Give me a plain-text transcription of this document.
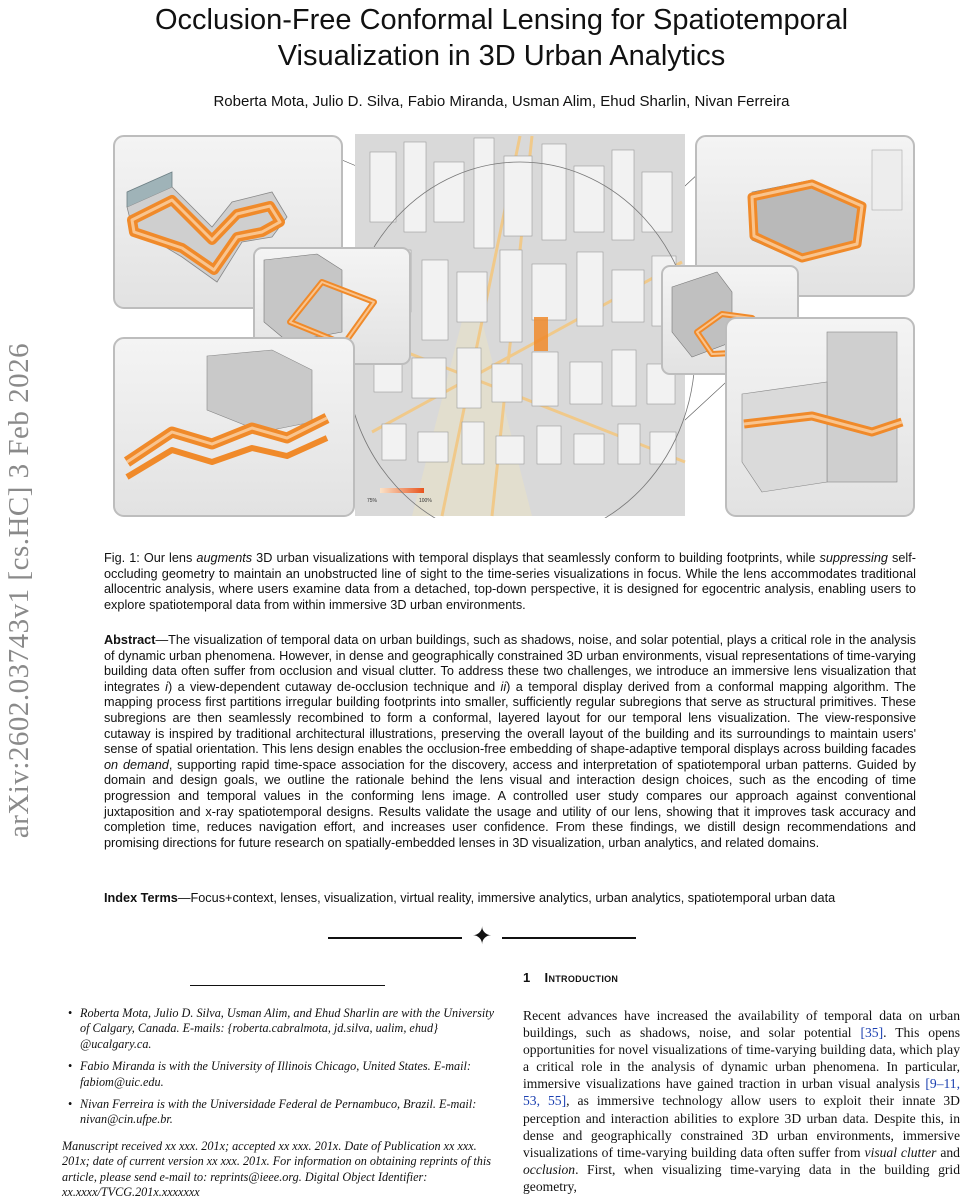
arXiv:2602.03743v1 [cs.HC] 3 Feb 2026
Occlusion-Free Conformal Lensing for Spatiotemporal
Visualization in 3D Urban Analytics
Roberta Mota, Julio D. Silva, Fabio Miranda, Usman Alim, Ehud Sharlin, Nivan Ferreira
75%	100%
Fig. 1: Our lens augments 3D urban visualizations with temporal displays that seamlessly conform to building footprints, while suppressing self-occluding geometry to maintain an unobstructed line of sight to the time-series visualizations in focus. While the lens accommodates traditional allocentric analysis, where users examine data from a detached, top-down perspective, it is designed for egocentric analysis, enabling users to explore spatiotemporal data from within immersive 3D urban environments.
Abstract—The visualization of temporal data on urban buildings, such as shadows, noise, and solar potential, plays a critical role in the analysis of dynamic urban phenomena. However, in dense and geographically constrained 3D urban environments, visual representations of time-varying building data often suffer from occlusion and visual clutter. To address these two challenges, we introduce an immersive lens visualization that integrates i) a view-dependent cutaway de-occlusion technique and ii) a temporal display derived from a conformal mapping algorithm. The mapping process first partitions irregular building footprints into smaller, sufficiently regular subregions that serve as structural primitives. These subregions are then seamlessly recombined to form a conformal, layered layout for our temporal lens visualization. The view-responsive cutaway is inspired by traditional architectural illustrations, preserving the overall layout of the building and its surroundings to maintain users' sense of spatial orientation. This lens design enables the occlusion-free embedding of shape-adaptive temporal displays across building facades on demand, supporting rapid time-space association for the discovery, access and interpretation of spatiotemporal urban patterns. Guided by domain and design goals, we outline the rationale behind the lens visual and interaction design choices, such as the encoding of time progression and temporal values in the conforming lens image. A controlled user study compares our approach against conventional juxtaposition and x-ray spatiotemporal designs. Results validate the usage and utility of our lens, showing that it improves task accuracy and completion time, reduces navigation effort, and increases user confidence. From these findings, we distill design recommendations and promising directions for future research on spatially-embedded lenses in 3D visualization, urban analytics, and related domains.
Index Terms—Focus+context, lenses, visualization, virtual reality, immersive analytics, urban analytics, spatiotemporal urban data
✦
• Roberta Mota, Julio D. Silva, Usman Alim, and Ehud Sharlin are with the University of Calgary, Canada. E-mails: {roberta.cabralmota, jd.silva, ualim, ehud} @ucalgary.ca.
• Fabio Miranda is with the University of Illinois Chicago, United States. E-mail: fabiom@uic.edu.
• Nivan Ferreira is with the Universidade Federal de Pernambuco, Brazil. E-mail: nivan@cin.ufpe.br.
Manuscript received xx xxx. 201x; accepted xx xxx. 201x. Date of Publication xx xxx. 201x; date of current version xx xxx. 201x. For information on obtaining reprints of this article, please send e-mail to: reprints@ieee.org. Digital Object Identifier: xx.xxxx/TVCG.201x.xxxxxxx
1 Introduction
Recent advances have increased the availability of temporal data on urban buildings, such as shadows, noise, and solar potential [35]. This opens opportunities for novel visualizations of time-varying building data, which play a critical role in the analysis of dynamic urban phenomena. In particular, immersive visualizations have gained traction in urban visual analysis [9–11, 53, 55], as immersive technology allow users to exploit their innate 3D perception and interaction abilities to explore 3D urban data. Despite this, in dense and geographically constrained 3D urban environments, immersive visualizations of time-varying building data often suffer from visual clutter and occlusion. First, when visualizing time-varying data in the building grid geometry,
